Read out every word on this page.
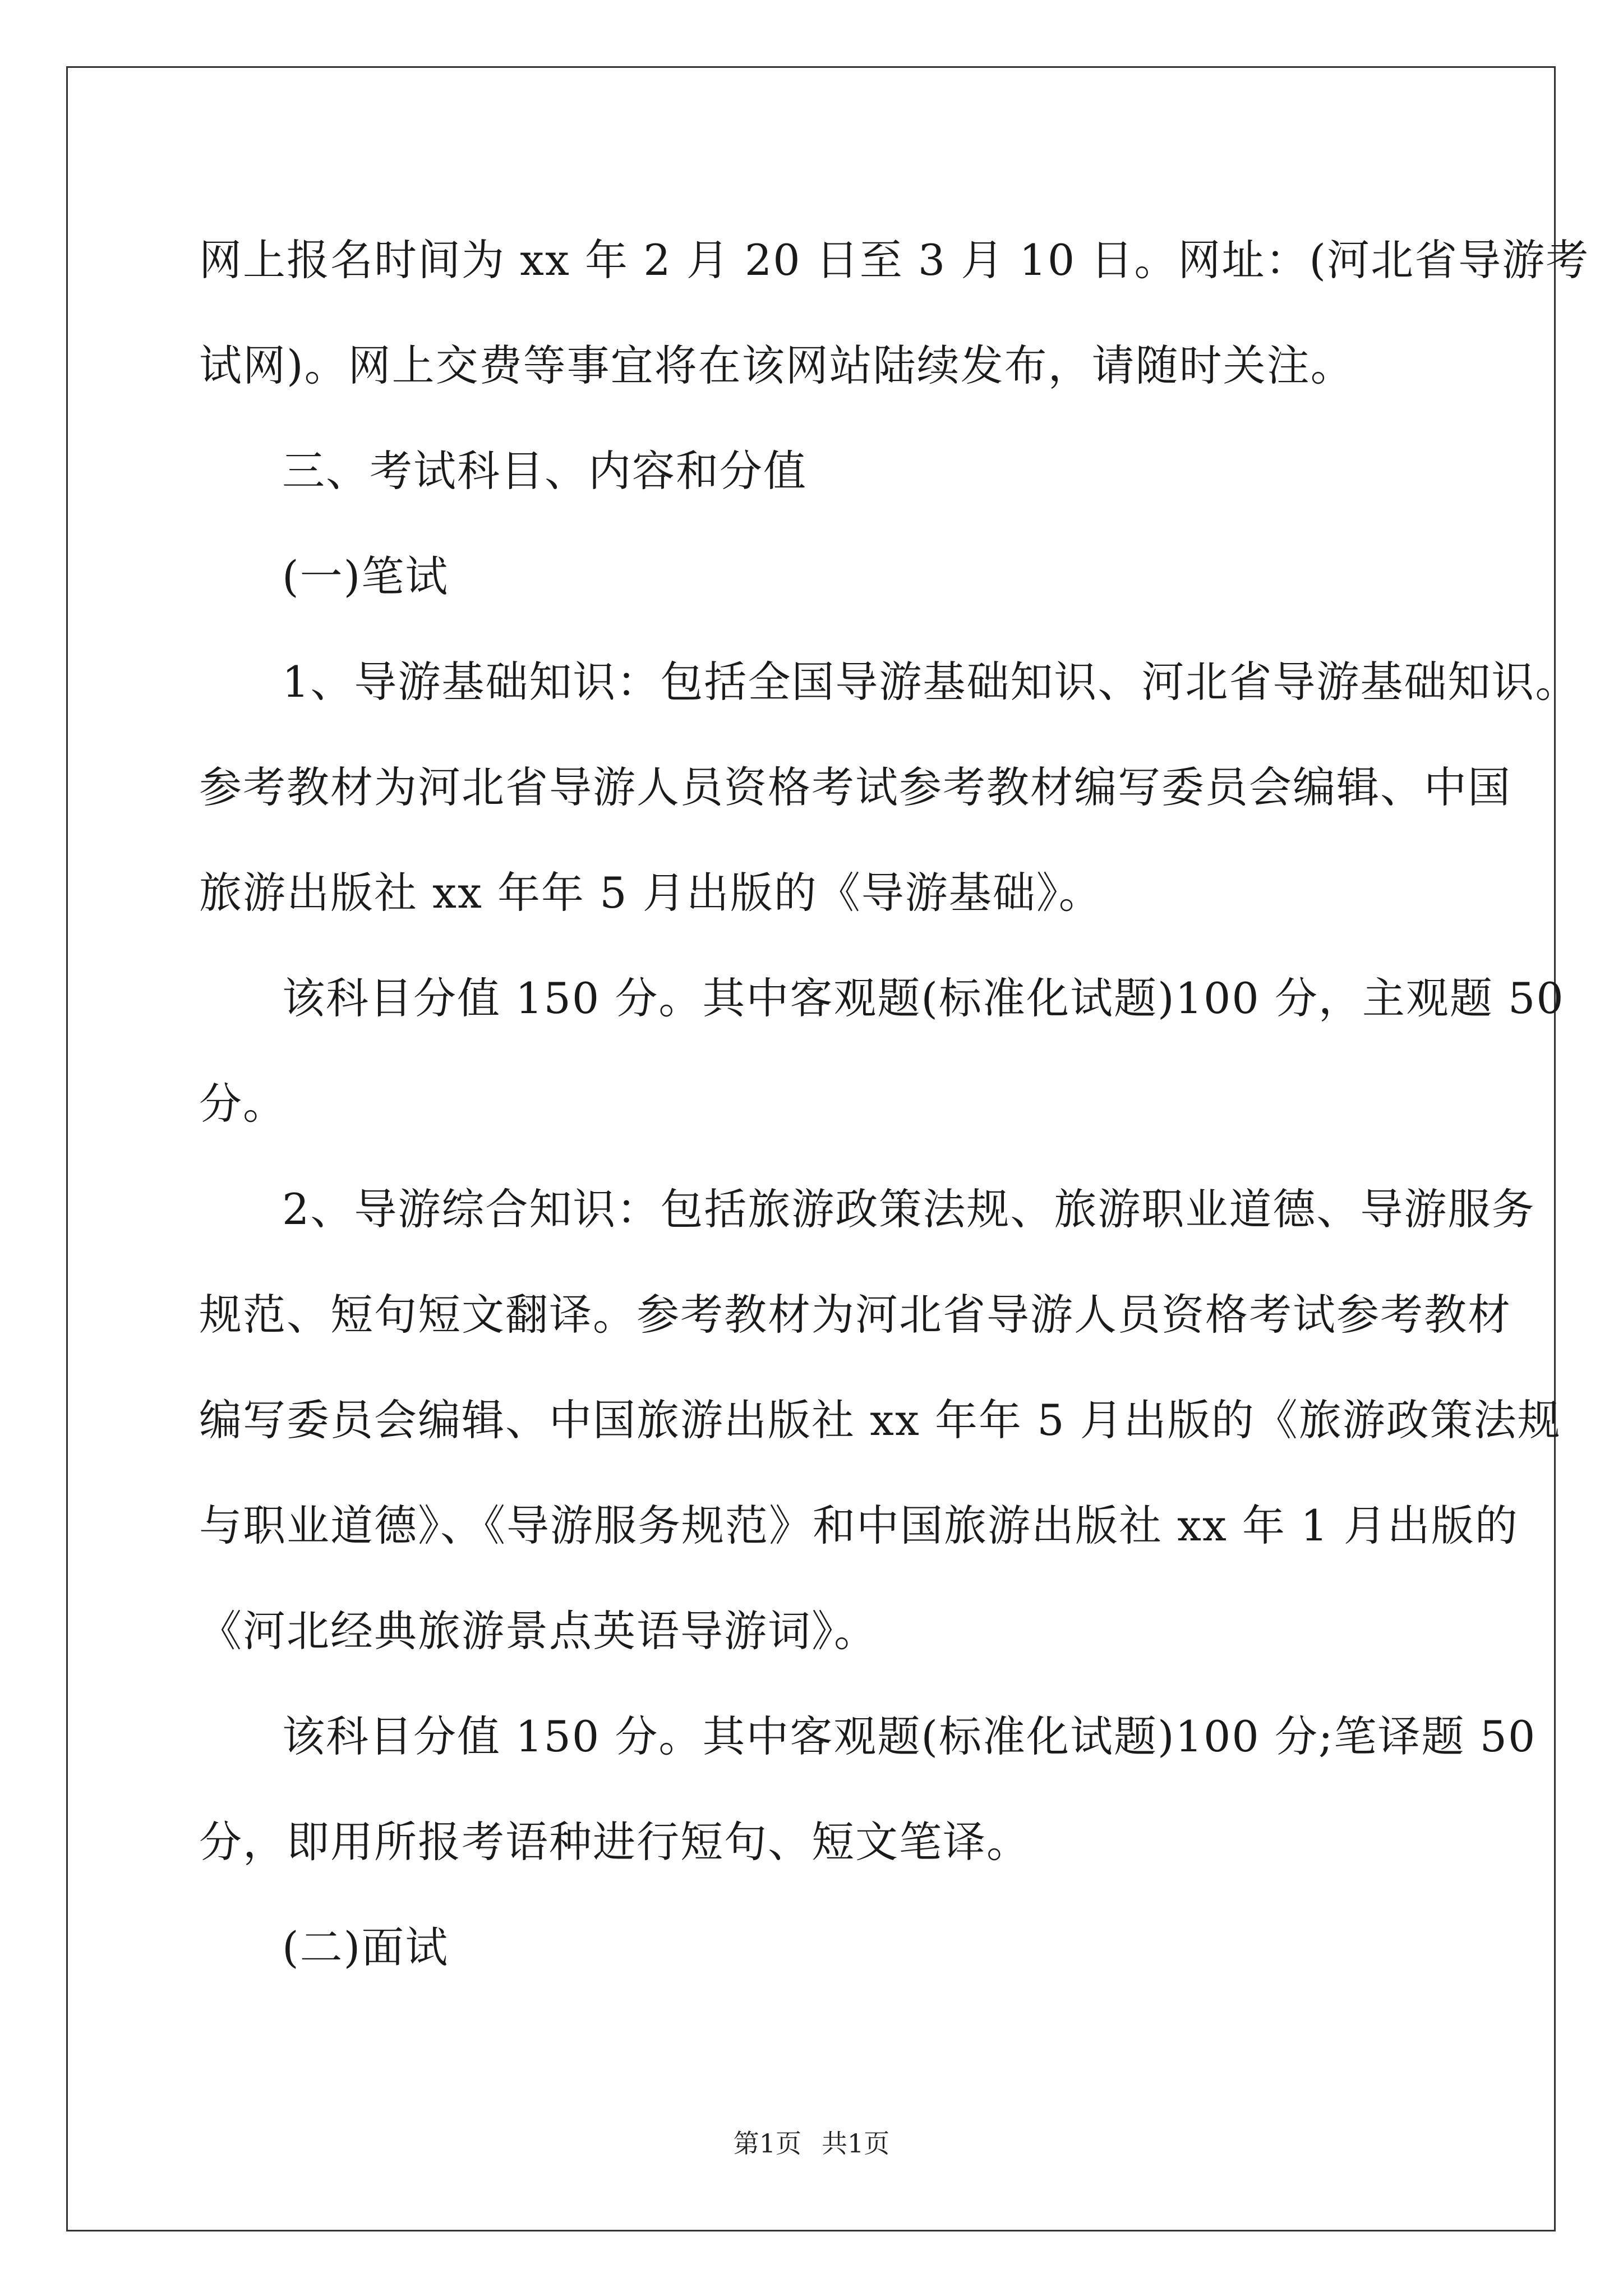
网上报名时间为 xx 年 2 月 20 日至 3 月 10 日。网址：(河北省导游考
试网)。网上交费等事宜将在该网站陆续发布，请随时关注。
三、考试科目、内容和分值
(一)笔试
1、导游基础知识：包括全国导游基础知识、河北省导游基础知识。
参考教材为河北省导游人员资格考试参考教材编写委员会编辑、中国
旅游出版社 xx 年年 5 月出版的《导游基础》。
该科目分值 150 分。其中客观题(标准化试题)100 分，主观题 50
分。
2、导游综合知识：包括旅游政策法规、旅游职业道德、导游服务
规范、短句短文翻译。参考教材为河北省导游人员资格考试参考教材
编写委员会编辑、中国旅游出版社 xx 年年 5 月出版的《旅游政策法规
与职业道德》、《导游服务规范》和中国旅游出版社 xx 年 1 月出版的
《河北经典旅游景点英语导游词》。
该科目分值 150 分。其中客观题(标准化试题)100 分;笔译题 50
分，即用所报考语种进行短句、短文笔译。
(二)面试
第1页 共1页
